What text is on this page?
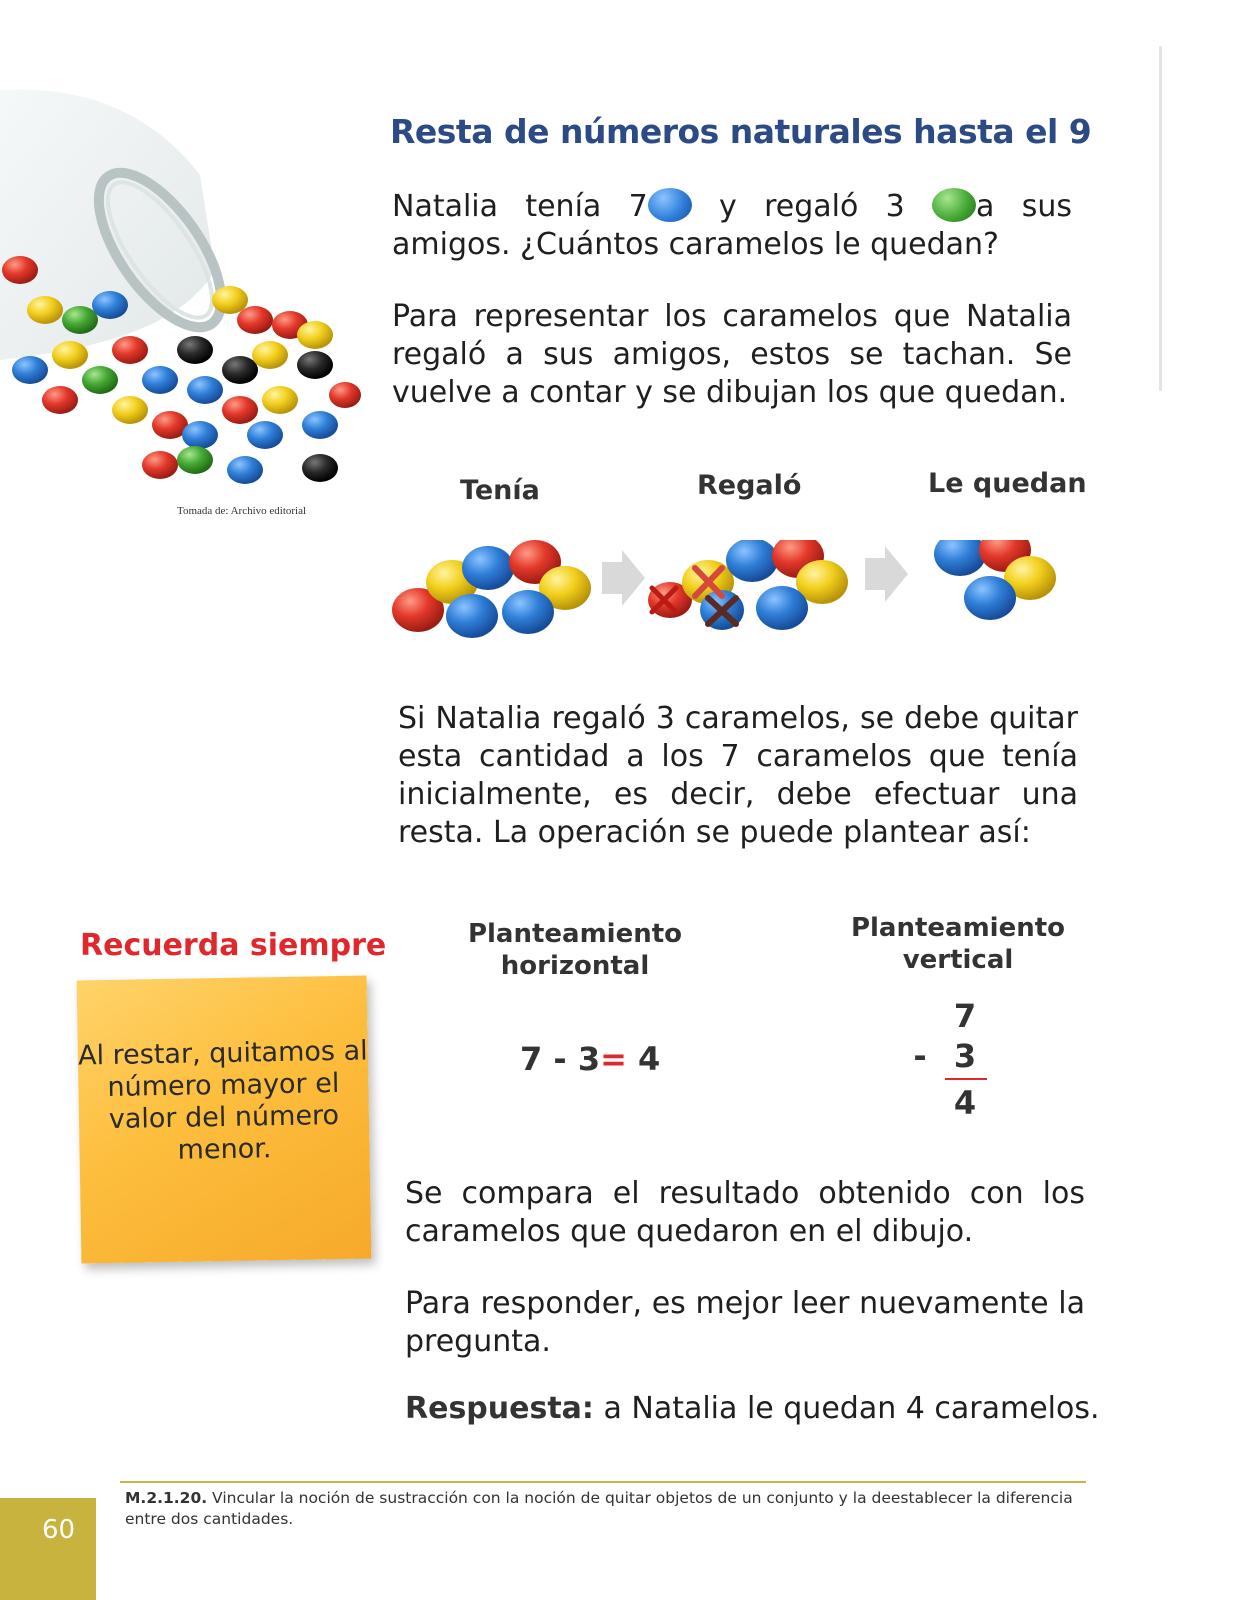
Tomada de: Archivo editorial
Resta de números naturales hasta el 9
Natalia tenía 7 y regaló 3 a sus amigos. ¿Cuántos caramelos le quedan?
Para representar los caramelos que Natalia regaló a sus amigos, estos se tachan. Se vuelve a contar y se dibujan los que quedan.
Tenía	Regaló	Le quedan
Si Natalia regaló 3 caramelos, se debe quitar esta cantidad a los 7 caramelos que tenía inicialmente, es decir, debe efectuar una resta. La operación se puede plantear así:
Recuerda siempre
Al restar, quitamos al número mayor el valor del número menor.
Planteamiento horizontal
7 - 3= 4
Planteamiento vertical
7
- 3
4
Se compara el resultado obtenido con los caramelos que quedaron en el dibujo.
Para responder, es mejor leer nuevamente la pregunta.
Respuesta: a Natalia le quedan 4 caramelos.
M.2.1.20. Vincular la noción de sustracción con la noción de quitar objetos de un conjunto y la deestablecer la diferencia entre dos cantidades.
60
